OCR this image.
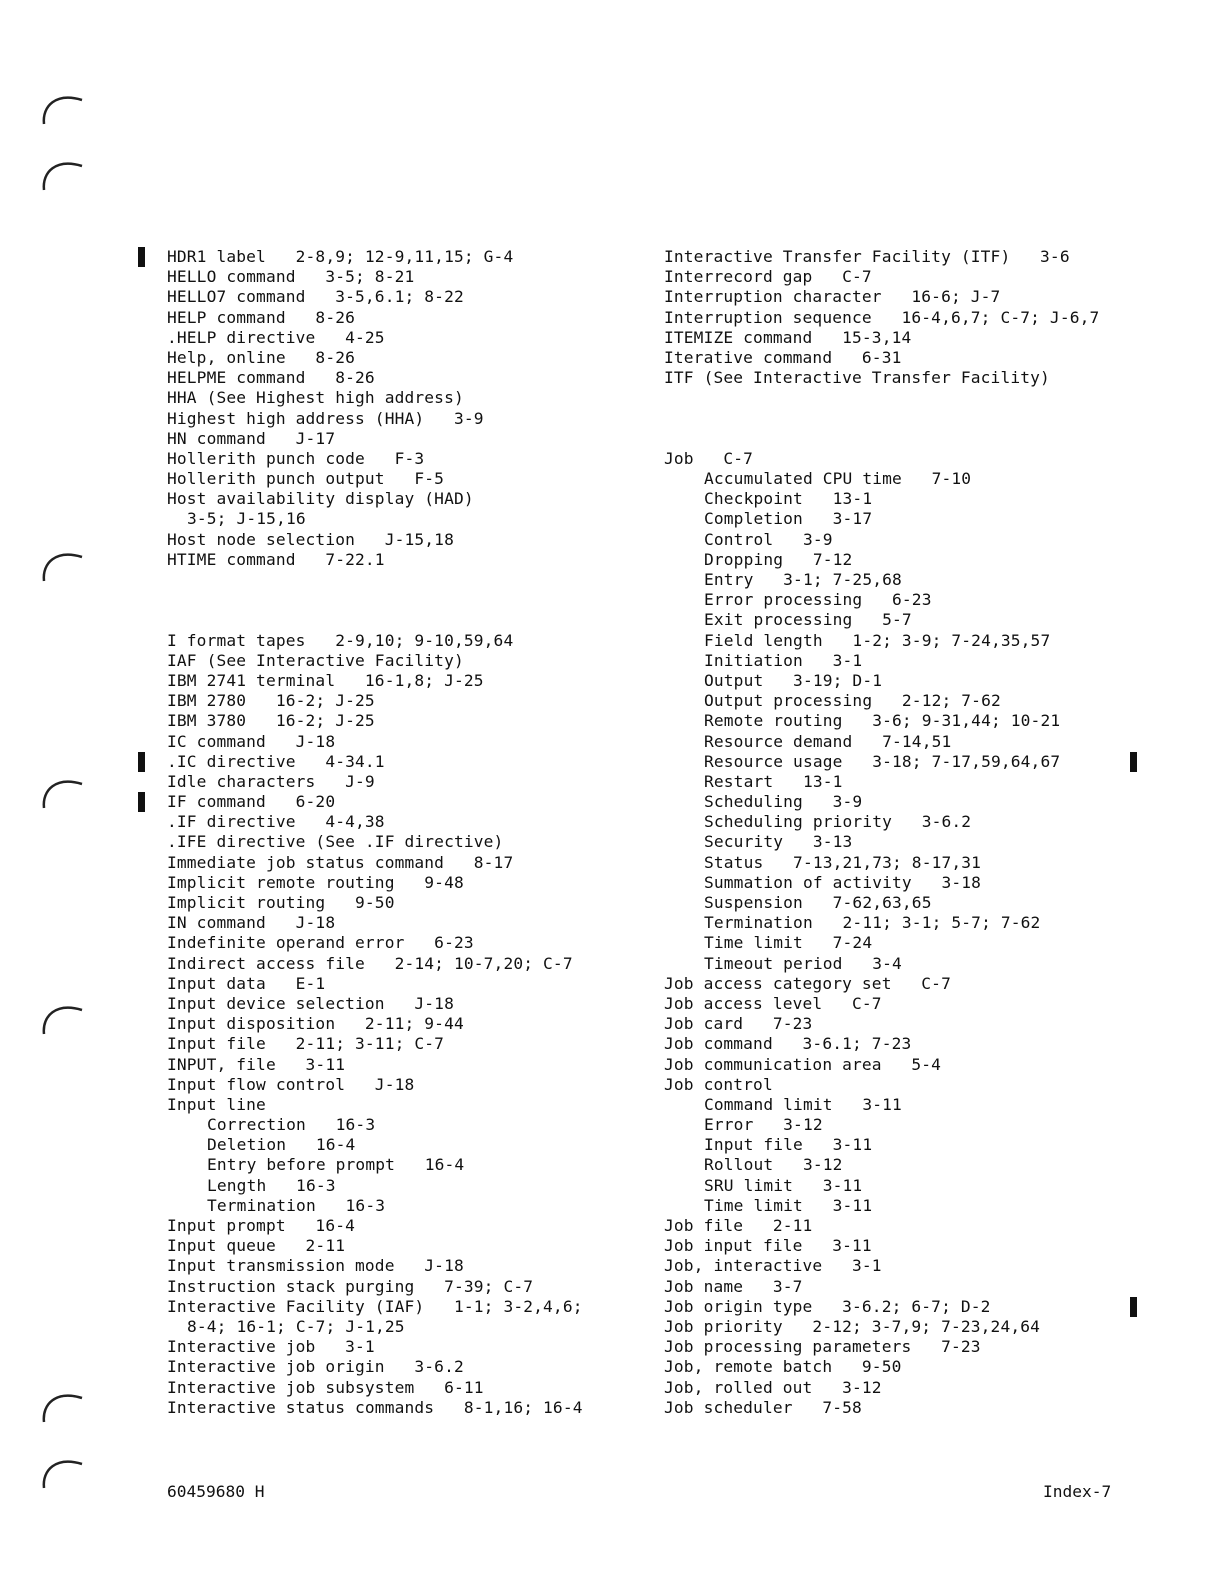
HDR1 label   2-8,9; 12-9,11,15; G-4
HELLO command   3-5; 8-21
HELLO7 command   3-5,6.1; 8-22
HELP command   8-26
.HELP directive   4-25
Help, online   8-26
HELPME command   8-26
HHA (See Highest high address)
Highest high address (HHA)   3-9
HN command   J-17
Hollerith punch code   F-3
Hollerith punch output   F-5
Host availability display (HAD)
3-5; J-15,16
Host node selection   J-15,18
HTIME command   7-22.1
I format tapes   2-9,10; 9-10,59,64
IAF (See Interactive Facility)
IBM 2741 terminal   16-1,8; J-25
IBM 2780   16-2; J-25
IBM 3780   16-2; J-25
IC command   J-18
.IC directive   4-34.1
Idle characters   J-9
IF command   6-20
.IF directive   4-4,38
.IFE directive (See .IF directive)
Immediate job status command   8-17
Implicit remote routing   9-48
Implicit routing   9-50
IN command   J-18
Indefinite operand error   6-23
Indirect access file   2-14; 10-7,20; C-7
Input data   E-1
Input device selection   J-18
Input disposition   2-11; 9-44
Input file   2-11; 3-11; C-7
INPUT, file   3-11
Input flow control   J-18
Input line
Correction   16-3
Deletion   16-4
Entry before prompt   16-4
Length   16-3
Termination   16-3
Input prompt   16-4
Input queue   2-11
Input transmission mode   J-18
Instruction stack purging   7-39; C-7
Interactive Facility (IAF)   1-1; 3-2,4,6;
8-4; 16-1; C-7; J-1,25
Interactive job   3-1
Interactive job origin   3-6.2
Interactive job subsystem   6-11
Interactive status commands   8-1,16; 16-4
Interactive Transfer Facility (ITF)   3-6
Interrecord gap   C-7
Interruption character   16-6; J-7
Interruption sequence   16-4,6,7; C-7; J-6,7
ITEMIZE command   15-3,14
Iterative command   6-31
ITF (See Interactive Transfer Facility)
Job   C-7
Accumulated CPU time   7-10
Checkpoint   13-1
Completion   3-17
Control   3-9
Dropping   7-12
Entry   3-1; 7-25,68
Error processing   6-23
Exit processing   5-7
Field length   1-2; 3-9; 7-24,35,57
Initiation   3-1
Output   3-19; D-1
Output processing   2-12; 7-62
Remote routing   3-6; 9-31,44; 10-21
Resource demand   7-14,51
Resource usage   3-18; 7-17,59,64,67
Restart   13-1
Scheduling   3-9
Scheduling priority   3-6.2
Security   3-13
Status   7-13,21,73; 8-17,31
Summation of activity   3-18
Suspension   7-62,63,65
Termination   2-11; 3-1; 5-7; 7-62
Time limit   7-24
Timeout period   3-4
Job access category set   C-7
Job access level   C-7
Job card   7-23
Job command   3-6.1; 7-23
Job communication area   5-4
Job control
Command limit   3-11
Error   3-12
Input file   3-11
Rollout   3-12
SRU limit   3-11
Time limit   3-11
Job file   2-11
Job input file   3-11
Job, interactive   3-1
Job name   3-7
Job origin type   3-6.2; 6-7; D-2
Job priority   2-12; 3-7,9; 7-23,24,64
Job processing parameters   7-23
Job, remote batch   9-50
Job, rolled out   3-12
Job scheduler   7-58
60459680 H	Index-7
